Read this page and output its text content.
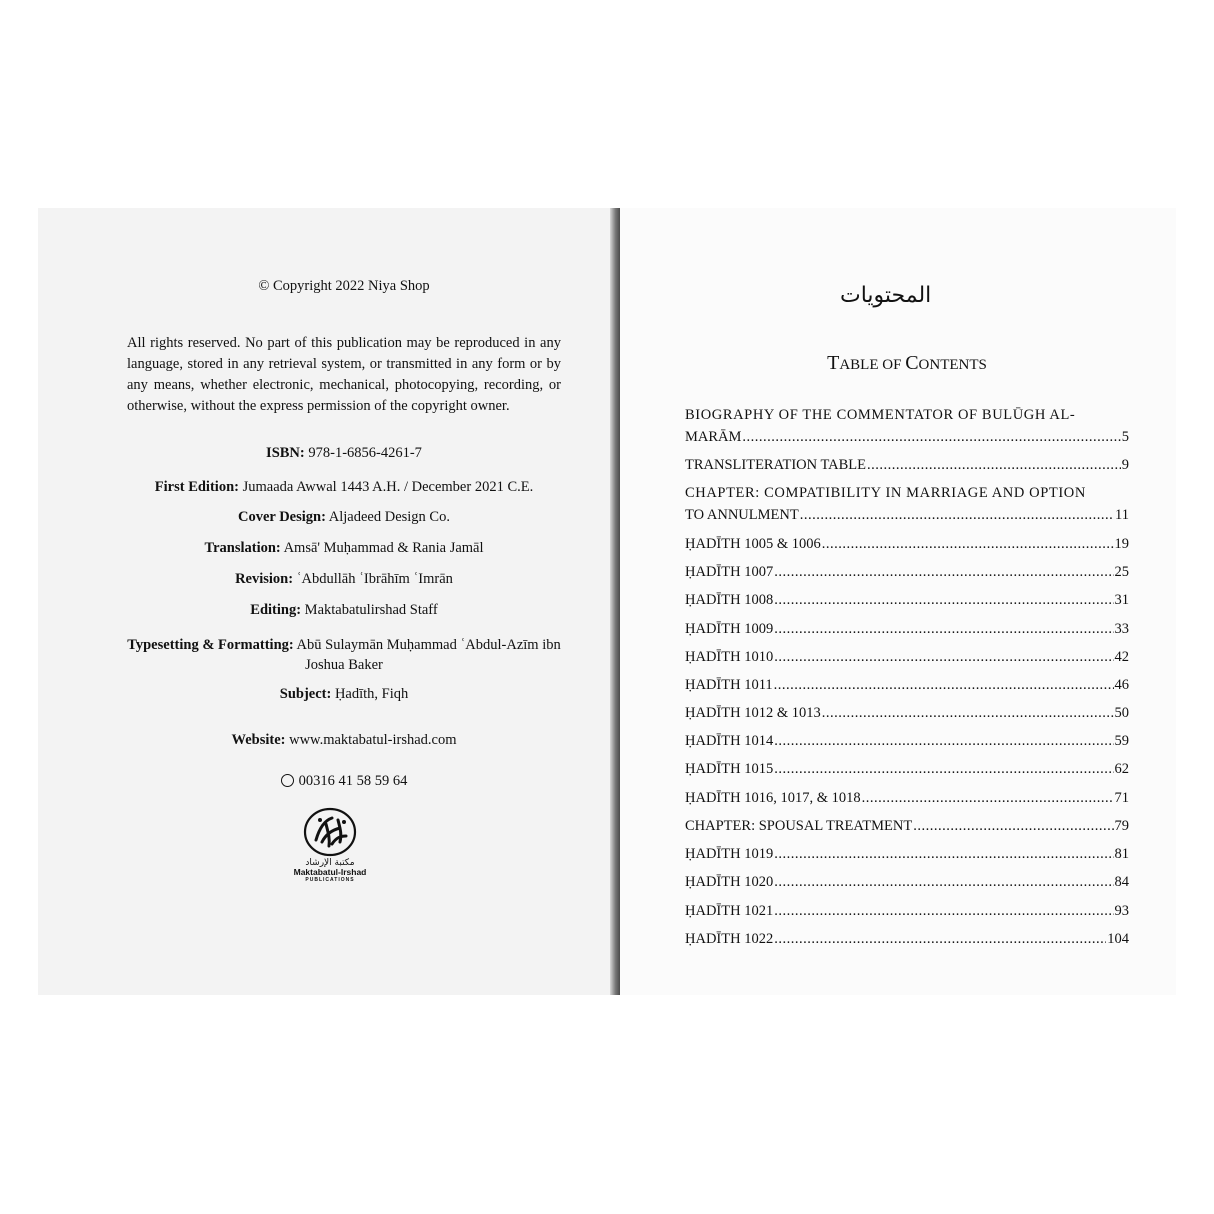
© Copyright 2022 Niya Shop
All rights reserved. No part of this publication may be reproduced in any language, stored in any retrieval system, or transmitted in any form or by any means, whether electronic, mechanical, photocopying, recording, or otherwise, without the express permission of the copyright owner.
ISBN: 978-1-6856-4261-7
First Edition: Jumaada Awwal 1443 A.H. / December 2021 C.E.
Cover Design: Aljadeed Design Co.
Translation: Amsā' Muḥammad & Rania Jamāl
Revision: ʿAbdullāh ʿIbrāhīm ʿImrān
Editing: Maktabatulirshad Staff
Typesetting & Formatting: Abū Sulaymān Muḥammad ʿAbdul-Azīm ibn Joshua Baker
Subject: Ḥadīth, Fiqh
Website: www.maktabatul-irshad.com
00316 41 58 59 64
مكتبة الإرشاد
Maktabatul-Irshad
PUBLICATIONS
المحتويات
TABLE OF CONTENTS
BIOGRAPHY OF THE COMMENTATOR OF BULŪGH AL-
MARĀM .....	5
TRANSLITERATION TABLE .....	9
CHAPTER: COMPATIBILITY IN MARRIAGE AND OPTION
TO ANNULMENT .....	11
ḤADĪTH 1005 & 1006 .....	19
ḤADĪTH 1007 .....	25
ḤADĪTH 1008 .....	31
ḤADĪTH 1009 .....	33
ḤADĪTH 1010 .....	42
ḤADĪTH 1011 .....	46
ḤADĪTH 1012 & 1013 .....	50
ḤADĪTH 1014 .....	59
ḤADĪTH 1015 .....	62
ḤADĪTH 1016, 1017, & 1018 .....	71
CHAPTER: SPOUSAL TREATMENT .....	79
ḤADĪTH 1019 .....	81
ḤADĪTH 1020 .....	84
ḤADĪTH 1021 .....	93
ḤADĪTH 1022 .....	104
